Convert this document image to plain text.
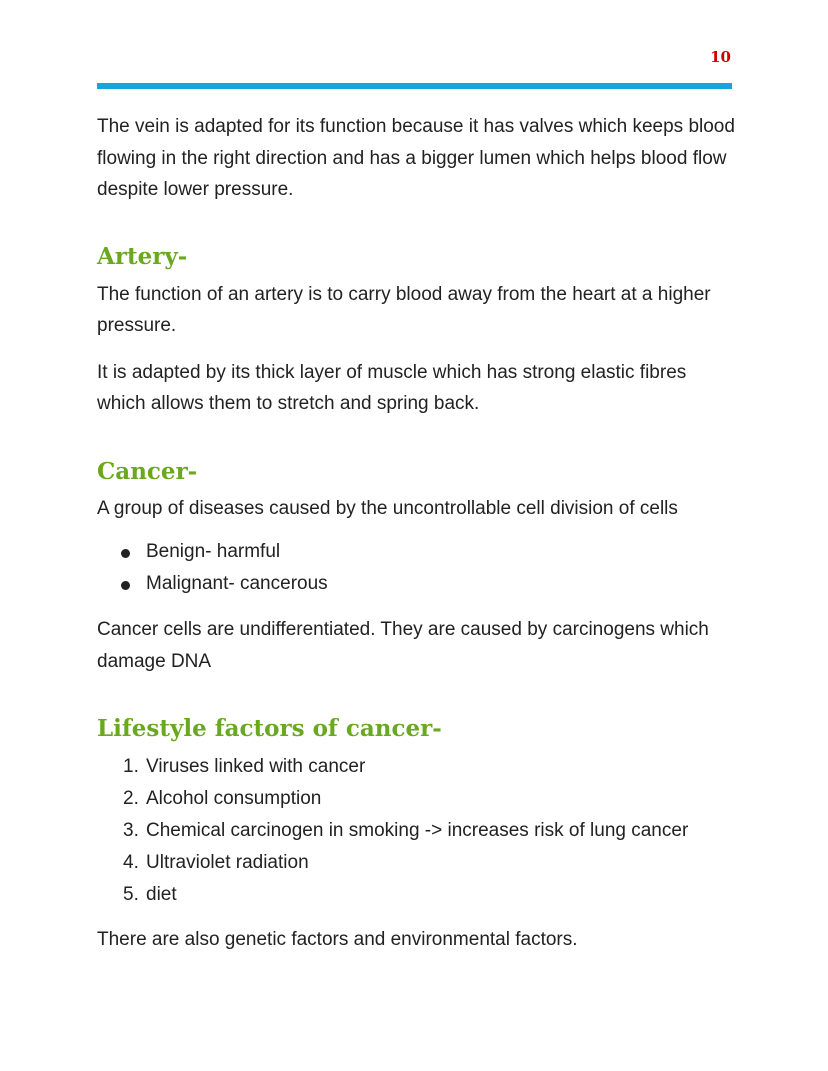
10

The vein is adapted for its function because it has valves which keeps blood flowing in the right direction and has a bigger lumen which helps blood flow despite lower pressure.

Artery-

The function of an artery is to carry blood away from the heart at a higher pressure.

It is adapted by its thick layer of muscle which has strong elastic fibres which allows them to stretch and spring back.

Cancer-

A group of diseases caused by the uncontrollable cell division of cells

Benign- harmful
Malignant- cancerous

Cancer cells are undifferentiated. They are caused by carcinogens which damage DNA

Lifestyle factors of cancer-
1. Viruses linked with cancer
2. Alcohol consumption
3. Chemical carcinogen in smoking -> increases risk of lung cancer
4. Ultraviolet radiation
5. diet

There are also genetic factors and environmental factors.
